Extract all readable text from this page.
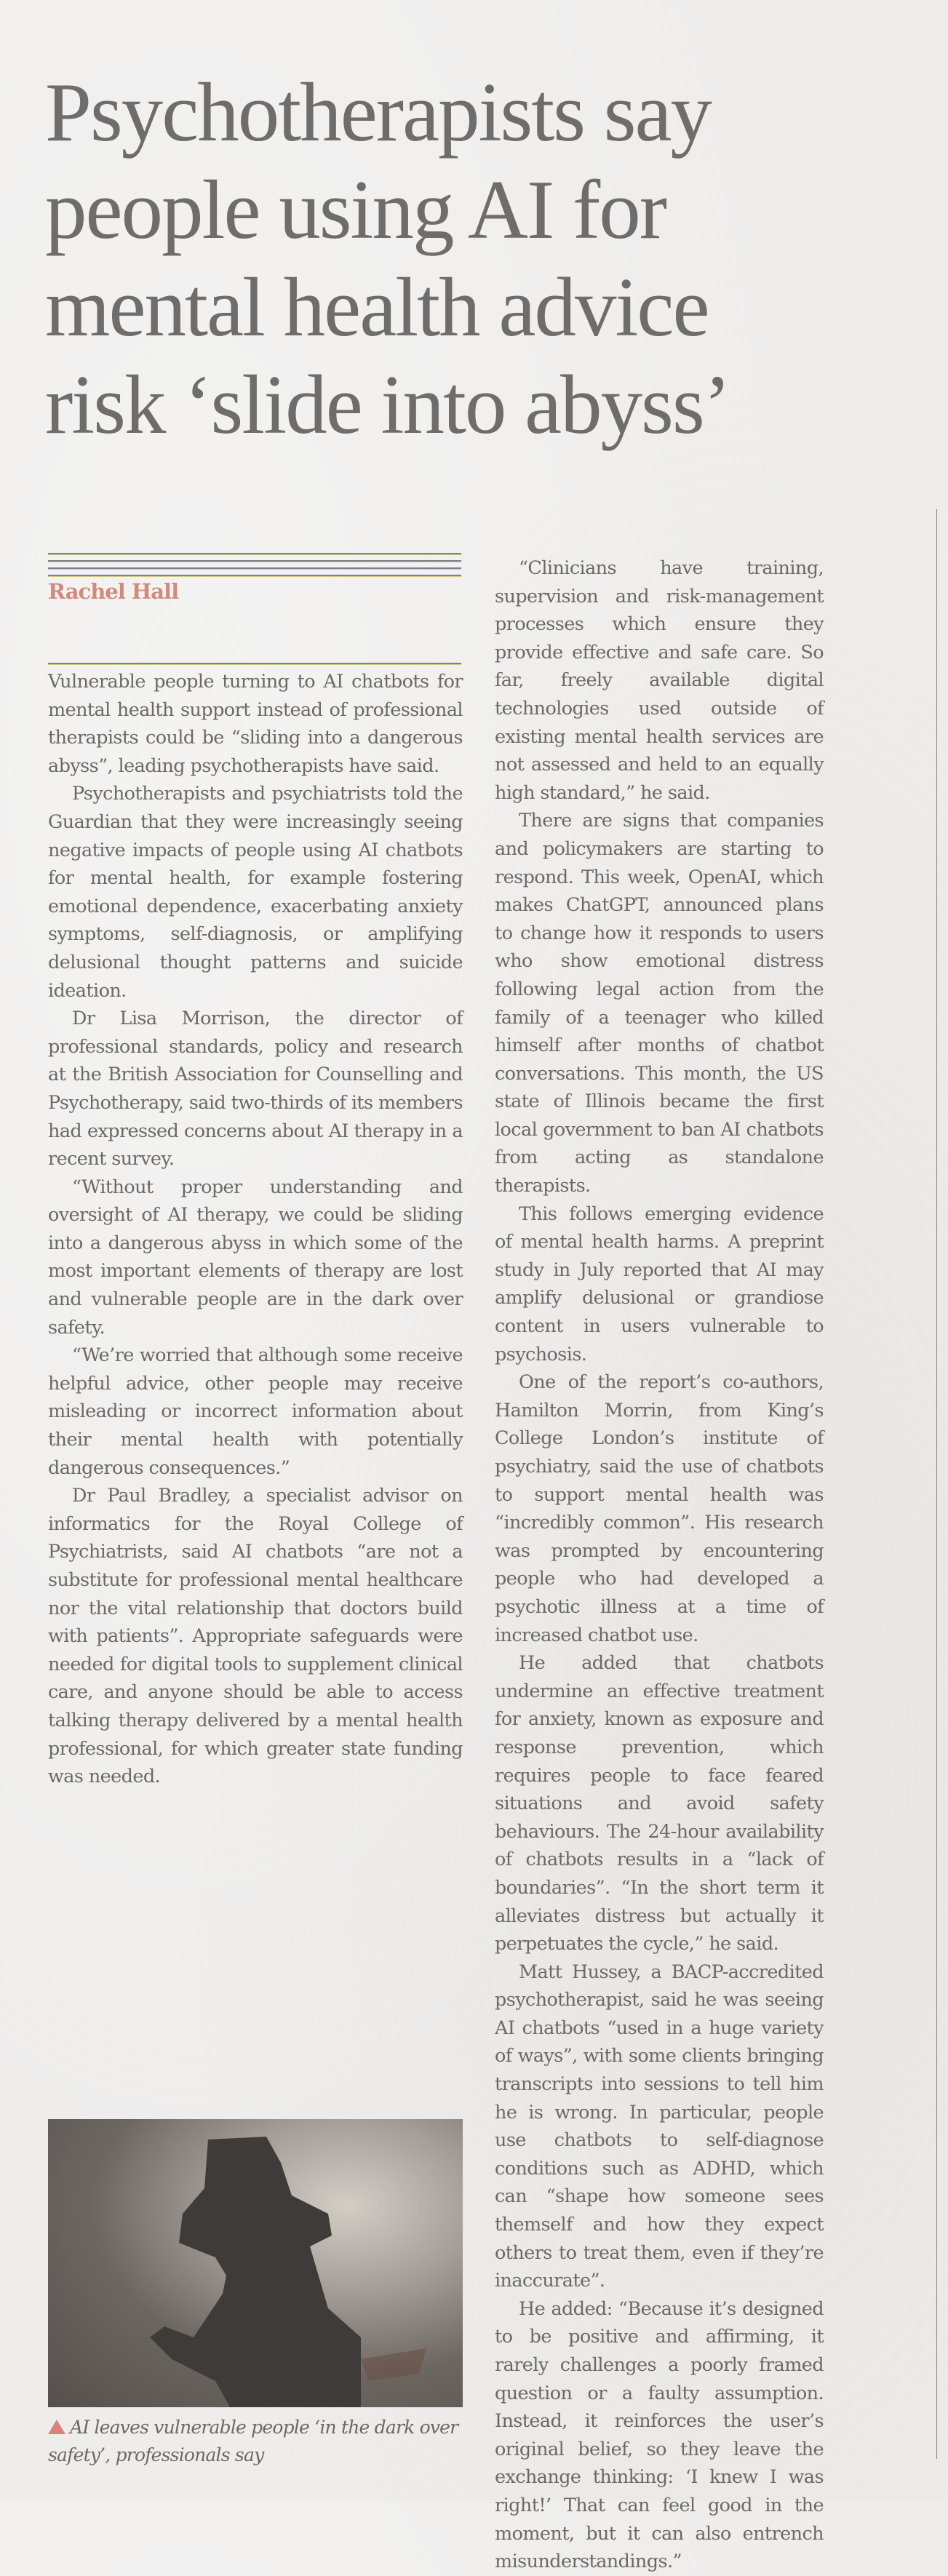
Psychotherapists say
people using AI for
mental health advice
risk ‘slide into abyss’
Rachel Hall

Vulnerable people turning to AI chatbots for mental health support instead of professional therapists could be “sliding into a dangerous abyss”, leading psychotherapists have said.

Psychotherapists and psychiatrists told the Guardian that they were increasingly seeing negative impacts of people using AI chatbots for mental health, for example fostering emotional dependence, exacerbating anxiety symptoms, self-diagnosis, or amplifying delusional thought patterns and suicide ideation.

Dr Lisa Morrison, the director of professional standards, policy and research at the British Association for Counselling and Psychotherapy, said two-thirds of its members had expressed concerns about AI therapy in a recent survey.

“Without proper understanding and oversight of AI therapy, we could be sliding into a dangerous abyss in which some of the most important elements of therapy are lost and vulnerable people are in the dark over safety.

“We’re worried that although some receive helpful advice, other people may receive misleading or incorrect information about their mental health with potentially dangerous consequences.”

Dr Paul Bradley, a specialist advisor on informatics for the Royal College of Psychiatrists, said AI chatbots “are not a substitute for professional mental healthcare nor the vital relationship that doctors build with patients”. Appropriate safeguards were needed for digital tools to supplement clinical care, and anyone should be able to access talking therapy delivered by a mental health professional, for which greater state funding was needed.

AI leaves vulnerable people ‘in the dark over safety’, professionals say

“Clinicians have training, supervision and risk-management processes which ensure they provide effective and safe care. So far, freely available digital technologies used outside of existing mental health services are not assessed and held to an equally high standard,” he said.

There are signs that companies and policymakers are starting to respond. This week, OpenAI, which makes ChatGPT, announced plans to change how it responds to users who show emotional distress following legal action from the family of a teenager who killed himself after months of chatbot conversations. This month, the US state of Illinois became the first local government to ban AI chatbots from acting as standalone therapists.

This follows emerging evidence of mental health harms. A preprint study in July reported that AI may amplify delusional or grandiose content in users vulnerable to psychosis.

One of the report’s co-authors, Hamilton Morrin, from King’s College London’s institute of psychiatry, said the use of chatbots to support mental health was “incredibly common”. His research was prompted by encountering people who had developed a psychotic illness at a time of increased chatbot use.

He added that chatbots undermine an effective treatment for anxiety, known as exposure and response prevention, which requires people to face feared situations and avoid safety behaviours. The 24-hour availability of chatbots results in a “lack of boundaries”. “In the short term it alleviates distress but actually it perpetuates the cycle,” he said.

Matt Hussey, a BACP-accredited psychotherapist, said he was seeing AI chatbots “used in a huge variety of ways”, with some clients bringing transcripts into sessions to tell him he is wrong. In particular, people use chatbots to self-diagnose conditions such as ADHD, which can “shape how someone sees themself and how they expect others to treat them, even if they’re inaccurate”.

He added: “Because it’s designed to be positive and affirming, it rarely challenges a poorly framed question or a faulty assumption. Instead, it reinforces the user’s original belief, so they leave the exchange thinking: ‘I knew I was right!’ That can feel good in the moment, but it can also entrench misunderstandings.”
